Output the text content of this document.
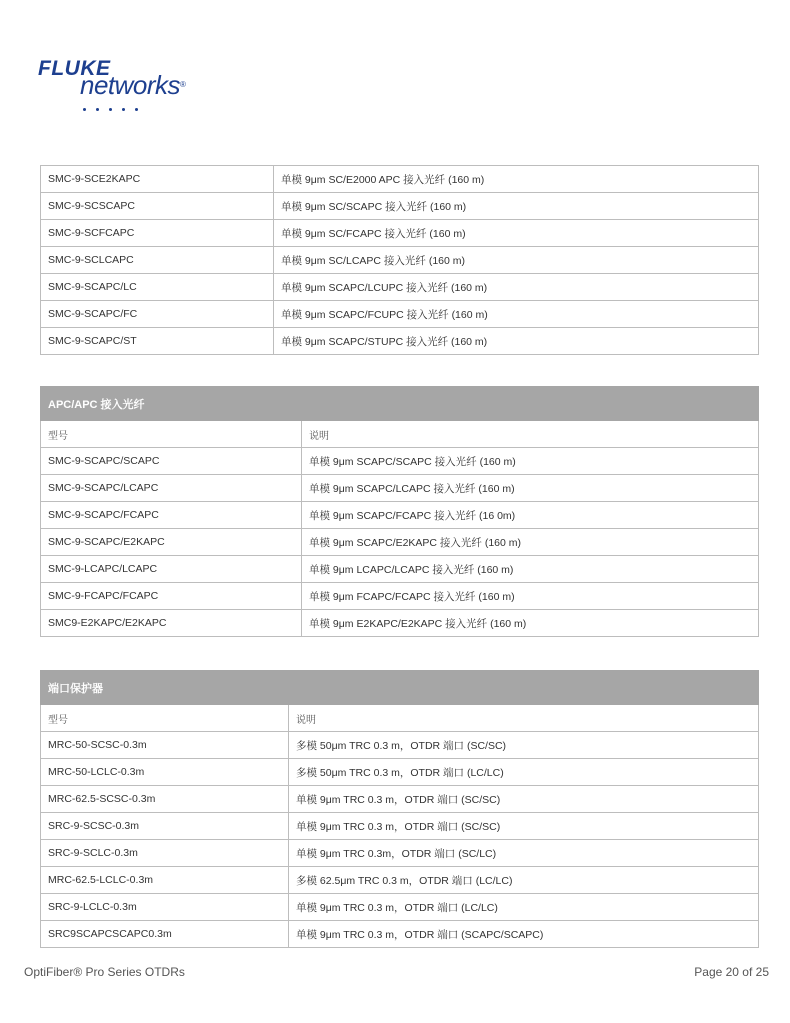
FLUKE
networks®
SMC-9-SCE2KAPC	单模 9μm SC/E2000 APC 接入光纤 (160 m)
SMC-9-SCSCAPC	单模 9μm SC/SCAPC 接入光纤 (160 m)
SMC-9-SCFCAPC	单模 9μm SC/FCAPC 接入光纤 (160 m)
SMC-9-SCLCAPC	单模 9μm SC/LCAPC 接入光纤 (160 m)
SMC-9-SCAPC/LC	单模 9μm SCAPC/LCUPC 接入光纤 (160 m)
SMC-9-SCAPC/FC	单模 9μm SCAPC/FCUPC 接入光纤 (160 m)
SMC-9-SCAPC/ST	单模 9μm SCAPC/STUPC 接入光纤 (160 m)
APC/APC 接入光纤	
型号	说明
SMC-9-SCAPC/SCAPC	单模 9μm SCAPC/SCAPC 接入光纤 (160 m)
SMC-9-SCAPC/LCAPC	单模 9μm SCAPC/LCAPC 接入光纤 (160 m)
SMC-9-SCAPC/FCAPC	单模 9μm SCAPC/FCAPC 接入光纤 (16 0m)
SMC-9-SCAPC/E2KAPC	单模 9μm SCAPC/E2KAPC 接入光纤 (160 m)
SMC-9-LCAPC/LCAPC	单模 9μm LCAPC/LCAPC 接入光纤 (160 m)
SMC-9-FCAPC/FCAPC	单模 9μm FCAPC/FCAPC 接入光纤 (160 m)
SMC9-E2KAPC/E2KAPC	单模 9μm E2KAPC/E2KAPC 接入光纤 (160 m)
端口保护器	
型号	说明
MRC-50-SCSC-0.3m	多模 50μm TRC 0.3 m，OTDR 端口 (SC/SC)
MRC-50-LCLC-0.3m	多模 50μm TRC 0.3 m，OTDR 端口 (LC/LC)
MRC-62.5-SCSC-0.3m	单模 9μm TRC 0.3 m，OTDR 端口 (SC/SC)
SRC-9-SCSC-0.3m	单模 9μm TRC 0.3 m，OTDR 端口 (SC/SC)
SRC-9-SCLC-0.3m	单模 9μm TRC 0.3m，OTDR 端口 (SC/LC)
MRC-62.5-LCLC-0.3m	多模 62.5μm TRC 0.3 m，OTDR 端口 (LC/LC)
SRC-9-LCLC-0.3m	单模 9μm TRC 0.3 m，OTDR 端口 (LC/LC)
SRC9SCAPCSCAPC0.3m	单模 9μm TRC 0.3 m，OTDR 端口 (SCAPC/SCAPC)
OptiFiber® Pro Series OTDRs	Page 20 of 25
